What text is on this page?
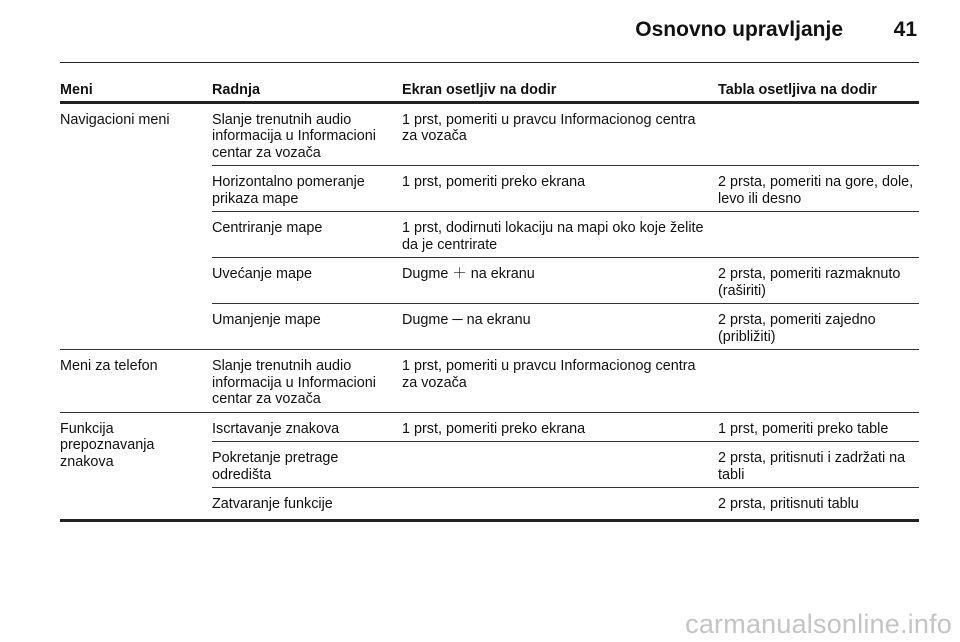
Osnovno upravljanje 41
Meni	Radnja	Ekran osetljiv na dodir	Tabla osetljiva na dodir
Navigacioni meni	Slanje trenutnih audio informacija u Informacioni centar za vozača	1 prst, pomeriti u pravcu Informacionog centra za vozača	
	Horizontalno pomeranje prikaza mape	1 prst, pomeriti preko ekrana	2 prsta, pomeriti na gore, dole, levo ili desno
	Centriranje mape	1 prst, dodirnuti lokaciju na mapi oko koje želite da je centrirate	
	Uvećanje mape	Dugme ＋ na ekranu	2 prsta, pomeriti razmaknuto (raširiti)
	Umanjenje mape	Dugme ─ na ekranu	2 prsta, pomeriti zajedno (približiti)
Meni za telefon	Slanje trenutnih audio informacija u Informacioni centar za vozača	1 prst, pomeriti u pravcu Informacionog centra za vozača	
Funkcija prepoznavanja znakova	Iscrtavanje znakova	1 prst, pomeriti preko ekrana	1 prst, pomeriti preko table
	Pokretanje pretrage odredišta		2 prsta, pritisnuti i zadržati na tabli
	Zatvaranje funkcije		2 prsta, pritisnuti tablu
carmanualsonline.info
